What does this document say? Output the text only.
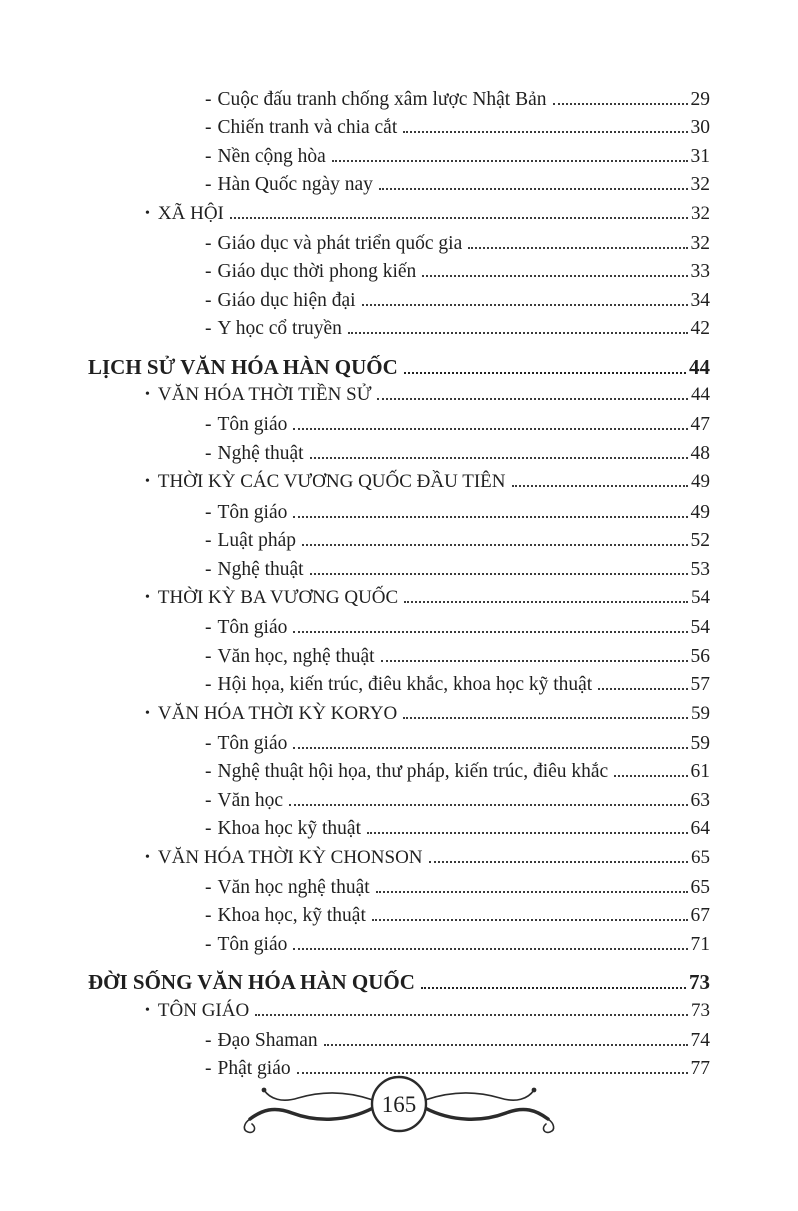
- Cuộc đấu tranh chống xâm lược Nhật Bản	29
- Chiến tranh và chia cắt	30
- Nền cộng hòa	31
- Hàn Quốc ngày nay	32
• XÃ HỘI	32
- Giáo dục và phát triển quốc gia	32
- Giáo dục thời phong kiến	33
- Giáo dục hiện đại	34
- Y học cổ truyền	42
LỊCH SỬ VĂN HÓA HÀN QUỐC	44
• VĂN HÓA THỜI TIỀN SỬ	44
- Tôn giáo	47
- Nghệ thuật	48
• THỜI KỲ CÁC VƯƠNG QUỐC ĐẦU TIÊN	49
- Tôn giáo	49
- Luật pháp	52
- Nghệ thuật	53
• THỜI KỲ BA VƯƠNG QUỐC	54
- Tôn giáo	54
- Văn học, nghệ thuật	56
- Hội họa, kiến trúc, điêu khắc, khoa học kỹ thuật	57
• VĂN HÓA THỜI KỲ KORYO	59
- Tôn giáo	59
- Nghệ thuật hội họa, thư pháp, kiến trúc, điêu khắc	61
- Văn học	63
- Khoa học kỹ thuật	64
• VĂN HÓA THỜI KỲ CHONSON	65
- Văn học nghệ thuật	65
- Khoa học, kỹ thuật	67
- Tôn giáo	71
ĐỜI SỐNG VĂN HÓA HÀN QUỐC	73
• TÔN GIÁO	73
- Đạo Shaman	74
- Phật giáo	77
165
